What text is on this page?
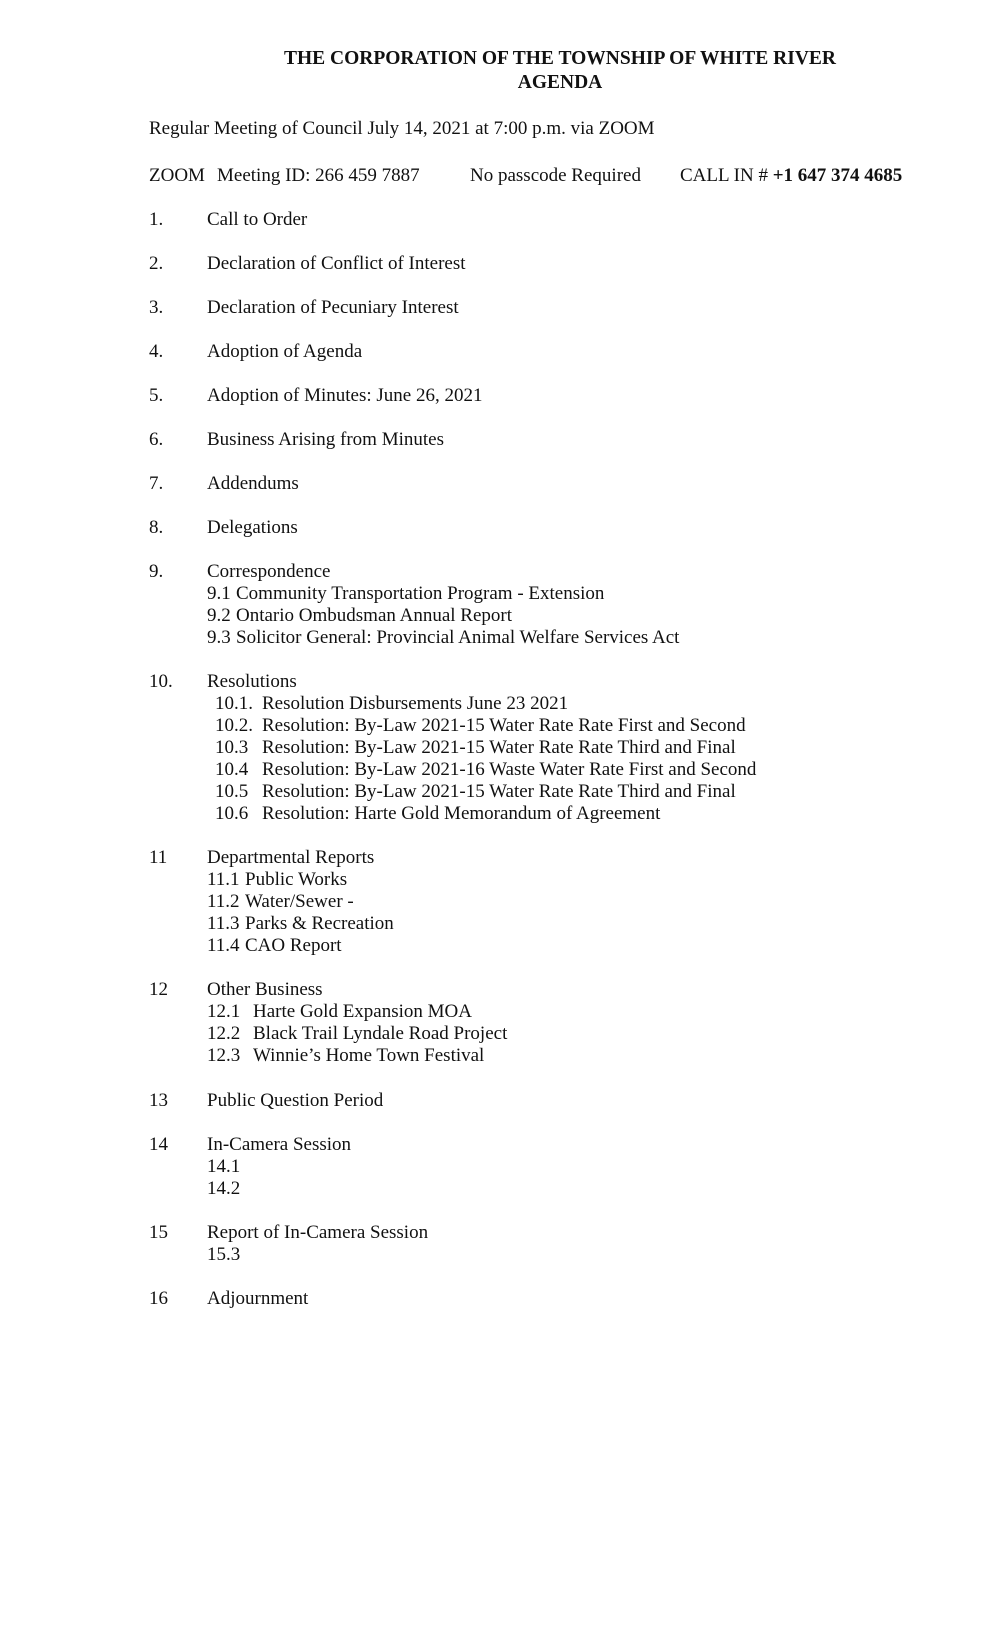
THE CORPORATION OF THE TOWNSHIP OF WHITE RIVER
AGENDA
Regular Meeting of Council July 14, 2021 at 7:00 p.m. via ZOOM
ZOOM Meeting ID: 266 459 7887	No passcode Required CALL IN # +1 647 374 4685
1. Call to Order
2. Declaration of Conflict of Interest
3. Declaration of Pecuniary Interest
4. Adoption of Agenda
5. Adoption of Minutes: June 26, 2021
6. Business Arising from Minutes
7. Addendums
8. Delegations
9. Correspondence
9.1 Community Transportation Program - Extension
9.2 Ontario Ombudsman Annual Report
9.3 Solicitor General: Provincial Animal Welfare Services Act
10. Resolutions
10.1. Resolution Disbursements June 23 2021
10.2. Resolution: By-Law 2021-15 Water Rate Rate First and Second
10.3 Resolution: By-Law 2021-15 Water Rate Rate Third and Final
10.4 Resolution: By-Law 2021-16 Waste Water Rate First and Second
10.5 Resolution: By-Law 2021-15 Water Rate Rate Third and Final
10.6 Resolution: Harte Gold Memorandum of Agreement
11 Departmental Reports
11.1 Public Works
11.2 Water/Sewer -
11.3 Parks & Recreation
11.4 CAO Report
12 Other Business
12.1 Harte Gold Expansion MOA
12.2 Black Trail Lyndale Road Project
12.3 Winnie’s Home Town Festival
13 Public Question Period
14 In-Camera Session
14.1
14.2
15 Report of In-Camera Session
15.3
16 Adjournment
